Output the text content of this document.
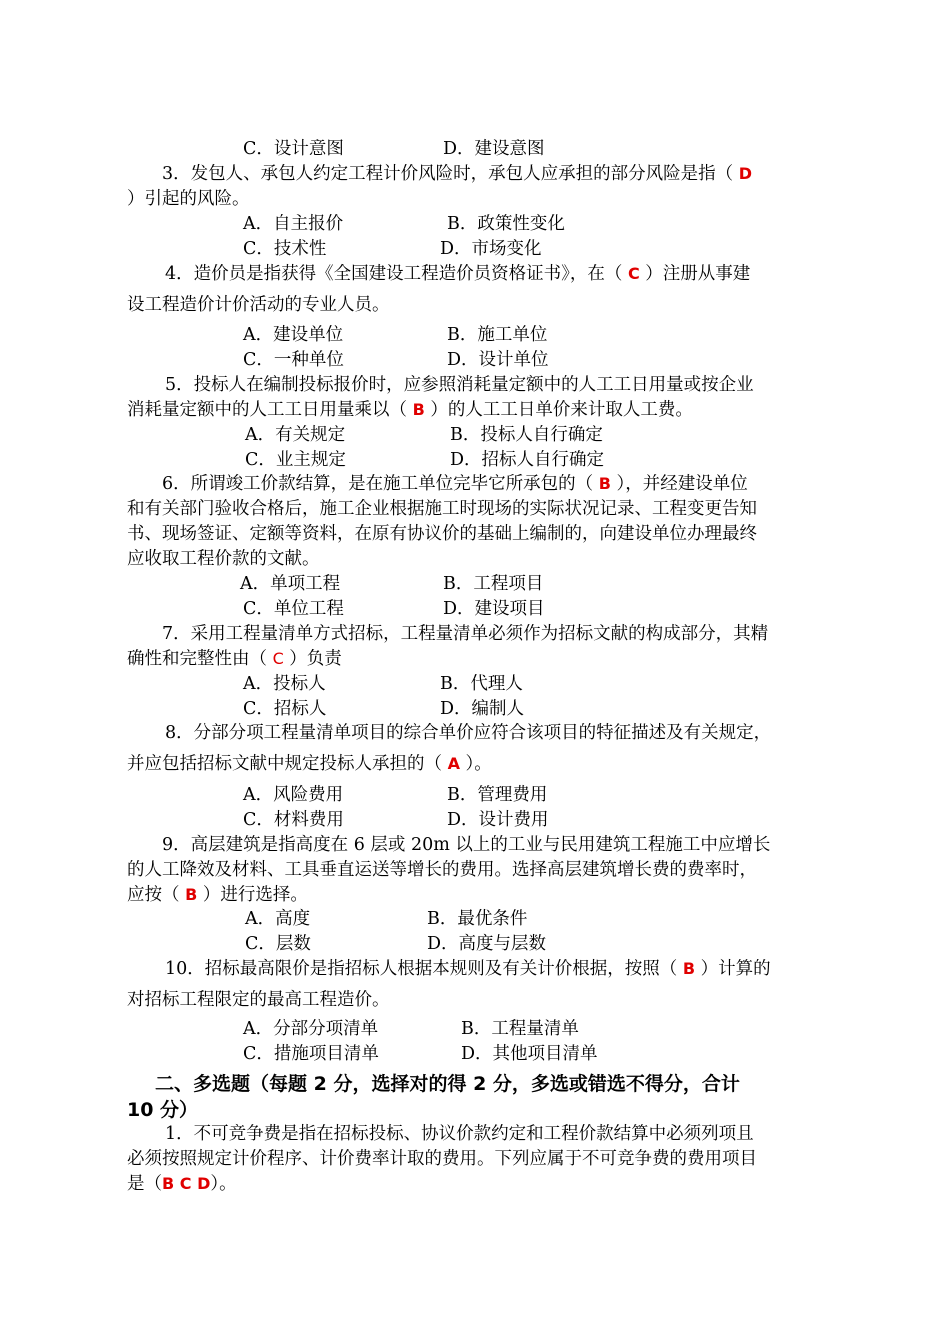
C．设计意图	D．建设意图
3．发包人、承包人约定工程计价风险时，承包人应承担的部分风险是指（ D
）引起的风险。
A．自主报价	B．政策性变化
C．技术性	D．市场变化
4．造价员是指获得《全国建设工程造价员资格证书》，在（ C ）注册从事建
设工程造价计价活动的专业人员。
A．建设单位	B．施工单位
C．一种单位	D．设计单位
5．投标人在编制投标报价时，应参照消耗量定额中的人工工日用量或按企业
消耗量定额中的人工工日用量乘以（ B ）的人工工日单价来计取人工费。
A．有关规定	B．投标人自行确定
C．业主规定	D．招标人自行确定
6．所谓竣工价款结算，是在施工单位完毕它所承包的（ B ），并经建设单位
和有关部门验收合格后，施工企业根据施工时现场的实际状况记录、工程变更告知
书、现场签证、定额等资料，在原有协议价的基础上编制的，向建设单位办理最终
应收取工程价款的文献。
A．单项工程	B．工程项目
C．单位工程	D．建设项目
7．采用工程量清单方式招标，工程量清单必须作为招标文献的构成部分，其精
确性和完整性由（ C ）负责
A．投标人	B．代理人
C．招标人	D．编制人
8．分部分项工程量清单项目的综合单价应符合该项目的特征描述及有关规定，
并应包括招标文献中规定投标人承担的（ A ）。
A．风险费用	B．管理费用
C．材料费用	D．设计费用
9．高层建筑是指高度在 6 层或 20m 以上的工业与民用建筑工程施工中应增长
的人工降效及材料、工具垂直运送等增长的费用。选择高层建筑增长费的费率时，
应按（ B ）进行选择。
A．高度	B．最优条件
C．层数	D．高度与层数
10．招标最高限价是指招标人根据本规则及有关计价根据，按照（ B ）计算的
对招标工程限定的最高工程造价。
A．分部分项清单	B．工程量清单
C．措施项目清单	D．其他项目清单
二、多选题（每题 2 分，选择对的得 2 分，多选或错选不得分，合计
10 分）
1．不可竞争费是指在招标投标、协议价款约定和工程价款结算中必须列项且
必须按照规定计价程序、计价费率计取的费用。下列应属于不可竞争费的费用项目
是（B C D）。
